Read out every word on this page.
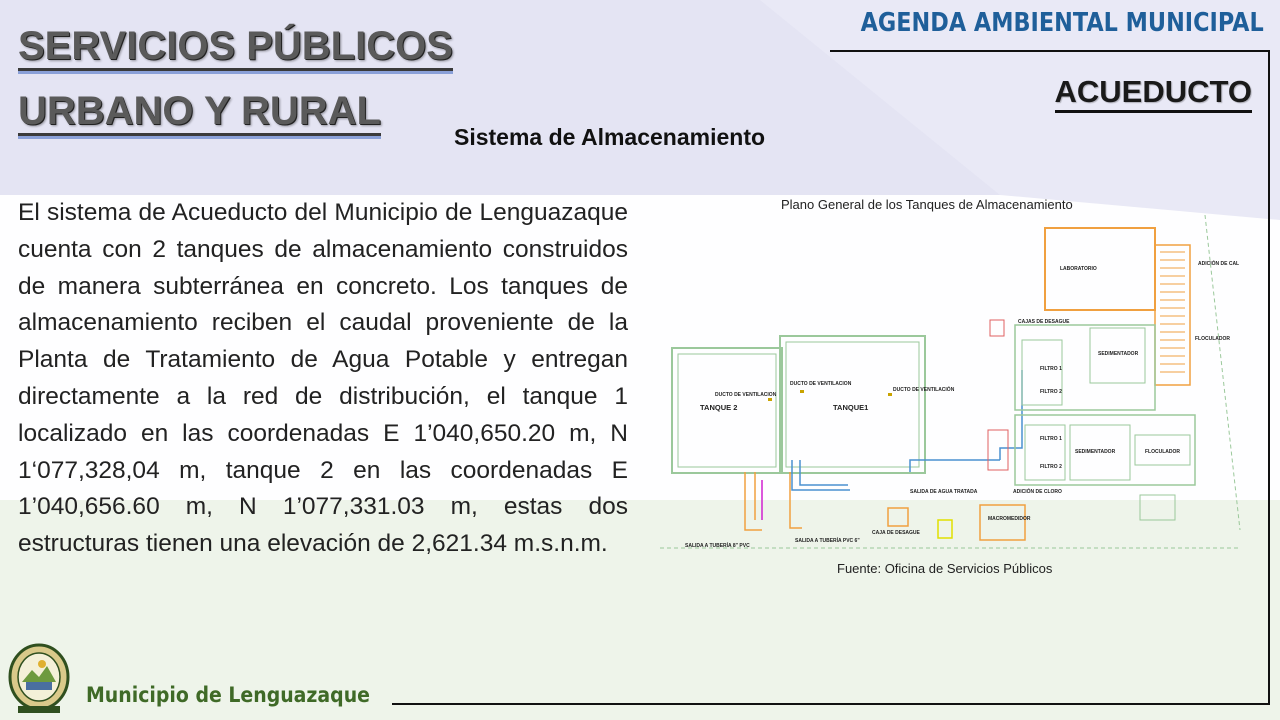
SERVICIOS PÚBLICOS
URBANO Y RURAL
AGENDA AMBIENTAL MUNICIPAL
ACUEDUCTO
Sistema de Almacenamiento

El sistema de Acueducto del Municipio de Lenguazaque cuenta con 2 tanques de almacenamiento construidos de manera subterránea en concreto. Los tanques de almacenamiento reciben el caudal proveniente de la Planta de Tratamiento de Agua Potable y entregan directamente a la red de distribución, el tanque 1 localizado en las coordenadas E 1’040,650.20 m, N 1‘077,328,04 m, tanque 2 en las coordenadas E 1’040,656.60 m, N 1’077,331.03 m, estas dos estructuras tienen una elevación de 2,621.34 m.s.n.m.

Plano General de los Tanques de Almacenamiento
TANQUE 2	TANQUE1
DUCTO DE VENTILACION
DUCTO DE VENTILACION
DUCTO DE VENTILACIÓN
SALIDA DE AGUA TRATADA
SALIDA A TUBERÍA 8" PVC
SALIDA A TUBERÍA PVC 6"
LABORATORIO
ADICIÓN DE CAL
FLOCULADOR
CAJAS DE DESAGUE
FILTRO 1
FILTRO 2
SEDIMENTADOR
FILTRO 1
FILTRO 2
SEDIMENTADOR	FLOCULADOR
ADICIÓN DE CLORO
MACROMEDIDOR
CAJA DE DESAGUE
Fuente: Oficina de Servicios Públicos
Municipio de Lenguazaque
